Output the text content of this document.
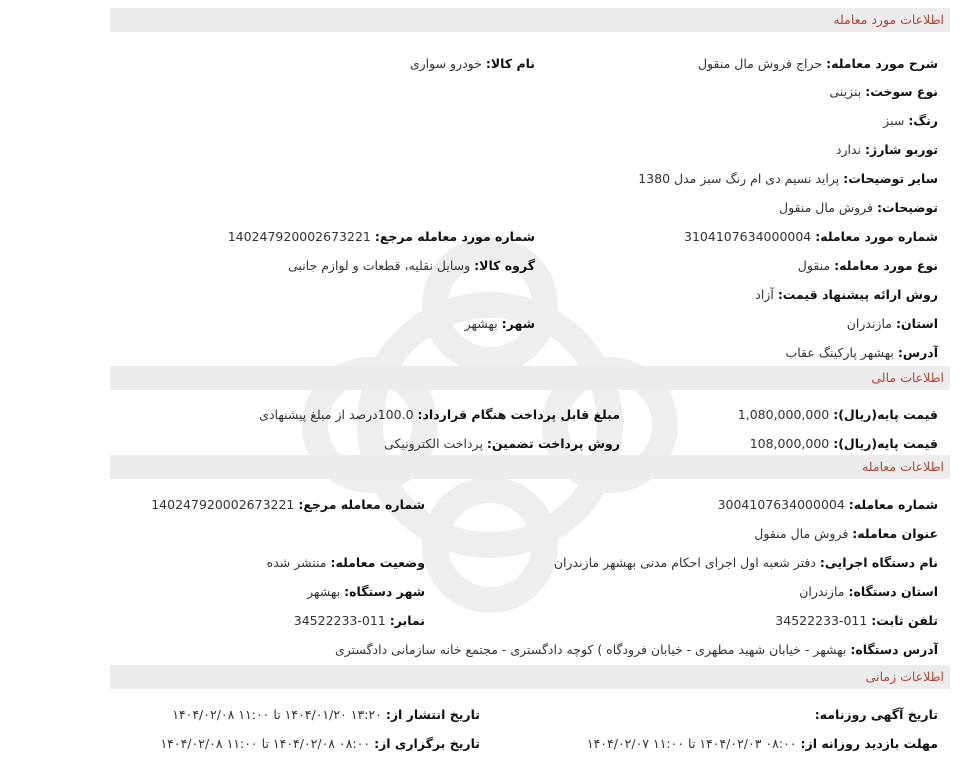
اطلاعات مورد معامله
شرح مورد معامله: حراج فروش مال منقول
نام کالا: خودرو سواری
نوع سوخت: بنزینی
رنگ: سبز
توربو شارژ: ندارد
سایر توضیحات: پراید نسیم دی ام رنگ سبز مدل 1380
توضیحات: فروش مال منقول
شماره مورد معامله: 3104107634000004
شماره مورد معامله مرجع: 140247920002673221
نوع مورد معامله: منقول
گروه کالا: وسایل نقلیه، قطعات و لوازم جانبی
روش ارائه پیشنهاد قیمت: آزاد
استان: مازندران
شهر: بهشهر
آدرس: بهشهر پارکینگ عقاب
اطلاعات مالی
قیمت پایه(ریال): 1,080,000,000
مبلغ قابل پرداخت هنگام قرارداد: 100.0درصد از مبلغ پیشنهادی
قیمت پایه(ریال): 108,000,000
روش پرداخت تضمین: پرداخت الکترونیکی
اطلاعات معامله
شماره معامله: 3004107634000004
شماره معامله مرجع: 140247920002673221
عنوان معامله: فروش مال منقول
نام دستگاه اجرایی: دفتر شعبه اول اجرای احکام مدنی بهشهر مازندران
وضعیت معامله: منتشر شده
استان دستگاه: مازندران
شهر دستگاه: بهشهر
تلفن ثابت: 011-34522233
نمابر: 011-34522233
آدرس دستگاه: بهشهر - خیابان شهید مطهری - خیابان فرودگاه ) کوچه دادگستری - مجتمع خانه سازمانی دادگستری
اطلاعات زمانی
تاریخ آگهی روزنامه:
تاریخ انتشار از: ۱۳:۲۰ ۱۴۰۴/۰۱/۲۰ تا ۱۱:۰۰ ۱۴۰۴/۰۲/۰۸
مهلت بازدید روزانه از: ۰۸:۰۰ ۱۴۰۴/۰۲/۰۳ تا ۱۱:۰۰ ۱۴۰۴/۰۲/۰۷
تاریخ برگزاری از: ۰۸:۰۰ ۱۴۰۴/۰۲/۰۸ تا ۱۱:۰۰ ۱۴۰۴/۰۲/۰۸
